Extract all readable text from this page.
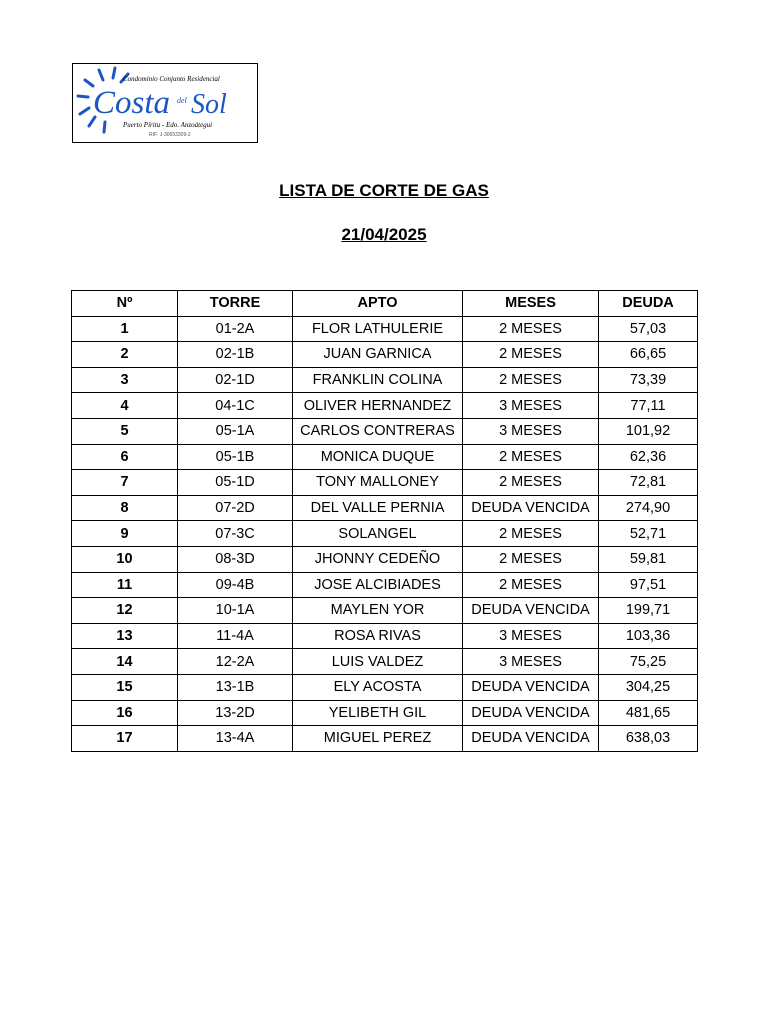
Condominio Conjunto Residencial
Costa del Sol
Puerto Píritu - Edo. Anzoátegui
RIF: J-30653309-2
LISTA DE CORTE DE GAS
21/04/2025
Nº	TORRE	APTO	MESES	DEUDA
1	01-2A	FLOR LATHULERIE	2 MESES	57,03
2	02-1B	JUAN GARNICA	2 MESES	66,65
3	02-1D	FRANKLIN COLINA	2 MESES	73,39
4	04-1C	OLIVER HERNANDEZ	3 MESES	77,11
5	05-1A	CARLOS CONTRERAS	3 MESES	101,92
6	05-1B	MONICA DUQUE	2 MESES	62,36
7	05-1D	TONY MALLONEY	2 MESES	72,81
8	07-2D	DEL VALLE PERNIA	DEUDA VENCIDA	274,90
9	07-3C	SOLANGEL	2 MESES	52,71
10	08-3D	JHONNY CEDEÑO	2 MESES	59,81
11	09-4B	JOSE ALCIBIADES	2 MESES	97,51
12	10-1A	MAYLEN YOR	DEUDA VENCIDA	199,71
13	11-4A	ROSA RIVAS	3 MESES	103,36
14	12-2A	LUIS VALDEZ	3 MESES	75,25
15	13-1B	ELY ACOSTA	DEUDA VENCIDA	304,25
16	13-2D	YELIBETH GIL	DEUDA VENCIDA	481,65
17	13-4A	MIGUEL PEREZ	DEUDA VENCIDA	638,03
